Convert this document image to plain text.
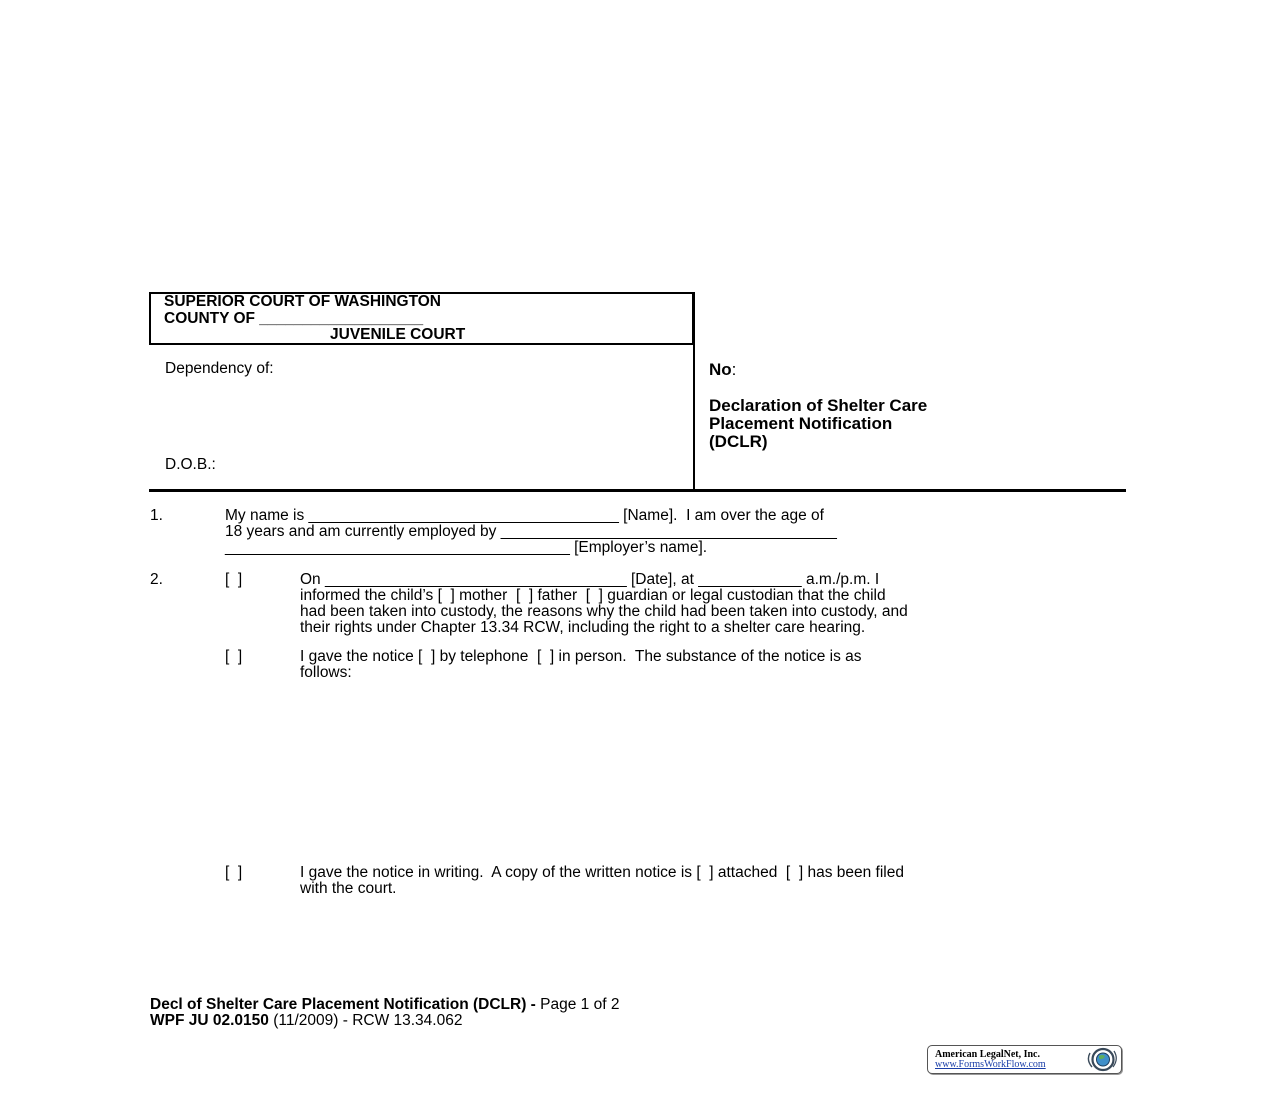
SUPERIOR COURT OF WASHINGTON
COUNTY OF ___________________
JUVENILE COURT
Dependency of:
D.O.B.:
No:
Declaration of Shelter Care
Placement Notification
(DCLR)
1.	My name is ____________________________________ [Name].  I am over the age of
18 years and am currently employed by _______________________________________
________________________________________ [Employer’s name].
2.	[  ]	On ___________________________________ [Date], at ____________ a.m./p.m. I
informed the child’s [  ] mother  [  ] father  [  ] guardian or legal custodian that the child
had been taken into custody, the reasons why the child had been taken into custody, and
their rights under Chapter 13.34 RCW, including the right to a shelter care hearing.
[  ]	I gave the notice [  ] by telephone  [  ] in person.  The substance of the notice is as
follows:
[  ]	I gave the notice in writing.  A copy of the written notice is [  ] attached  [  ] has been filed
with the court.
Decl of Shelter Care Placement Notification (DCLR) - Page 1 of 2
WPF JU 02.0150 (11/2009) - RCW 13.34.062
American LegalNet, Inc.
www.FormsWorkFlow.com
